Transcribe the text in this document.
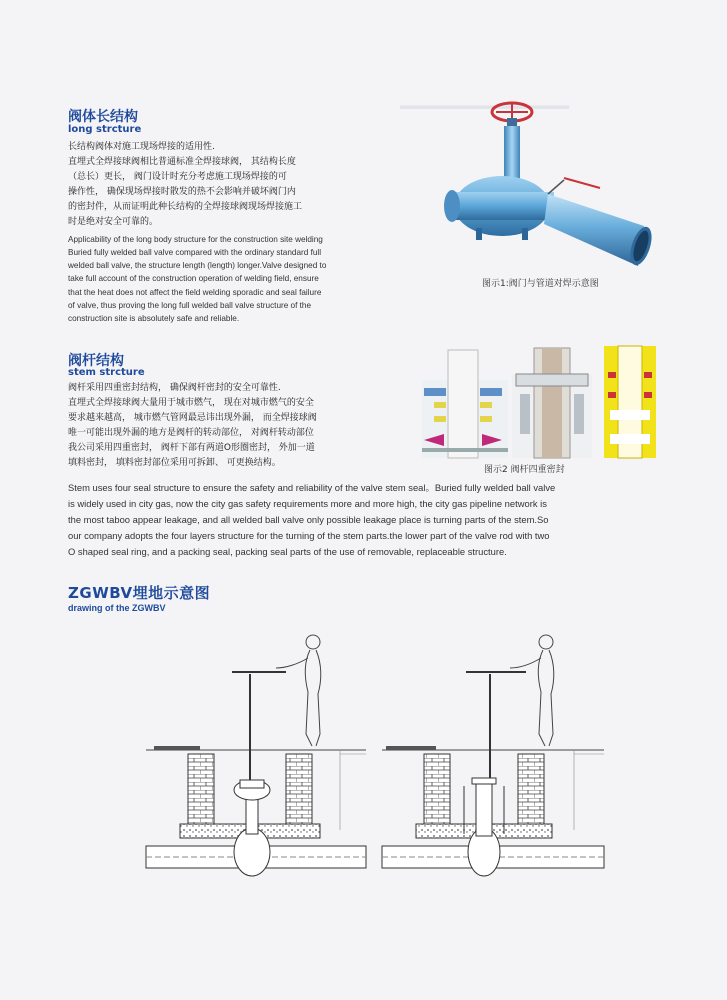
▂▂▂▂▂▂▂▂▂▂▂▂▂▂▂▂▂▂▂▂
阀体长结构
long strcture
长结构阀体对施工现场焊接的适用性.
直埋式全焊接球阀相比普通标准全焊接球阀， 其结构长度
（总长）更长， 阀门设计时充分考虑施工现场焊接的可
操作性， 确保现场焊接时散发的热不会影响并破坏阀门内
的密封件，从而证明此种长结构的全焊接球阀现场焊接施工
时是绝对安全可靠的。
Applicability of the long body structure for the construction site welding
Buried fully welded ball valve compared with the ordinary standard full
welded ball valve, the structure length (length) longer.Valve designed to
take full account of the construction operation of welding field, ensure
that the heat does not affect the field welding sporadic and seal failure
of valve, thus proving the long full welded ball valve structure of the
construction site is absolutely safe and reliable.
图示1:阀门与管道对焊示意图
阀杆结构
stem strcture
阀杆采用四重密封结构， 确保阀杆密封的安全可靠性.
直埋式全焊接球阀大量用于城市燃气， 现在对城市燃气的安全
要求越来越高， 城市燃气管网最忌讳出现外漏， 而全焊接球阀
唯一可能出现外漏的地方是阀杆的转动部位， 对阀杆转动部位
我公司采用四重密封， 阀杆下部有两道O形圈密封， 外加一道
填料密封， 填料密封部位采用可拆卸、 可更换结构。
图示2 阀杆四重密封
Stem uses four seal structure to ensure the safety and reliability of the valve stem seal。Buried fully welded ball valve
is widely used in city gas, now the city gas safety requirements more and more high, the city gas pipeline network is
the most taboo appear leakage, and all welded ball valve only possible leakage place is turning parts of the stem.So
our company adopts the four layers structure for the turning of the stem parts.the lower part of the valve rod with two
O shaped seal ring, and a packing seal, packing seal parts of the use of removable, replaceable structure.
ZGWBV埋地示意图
drawing of the ZGWBV
